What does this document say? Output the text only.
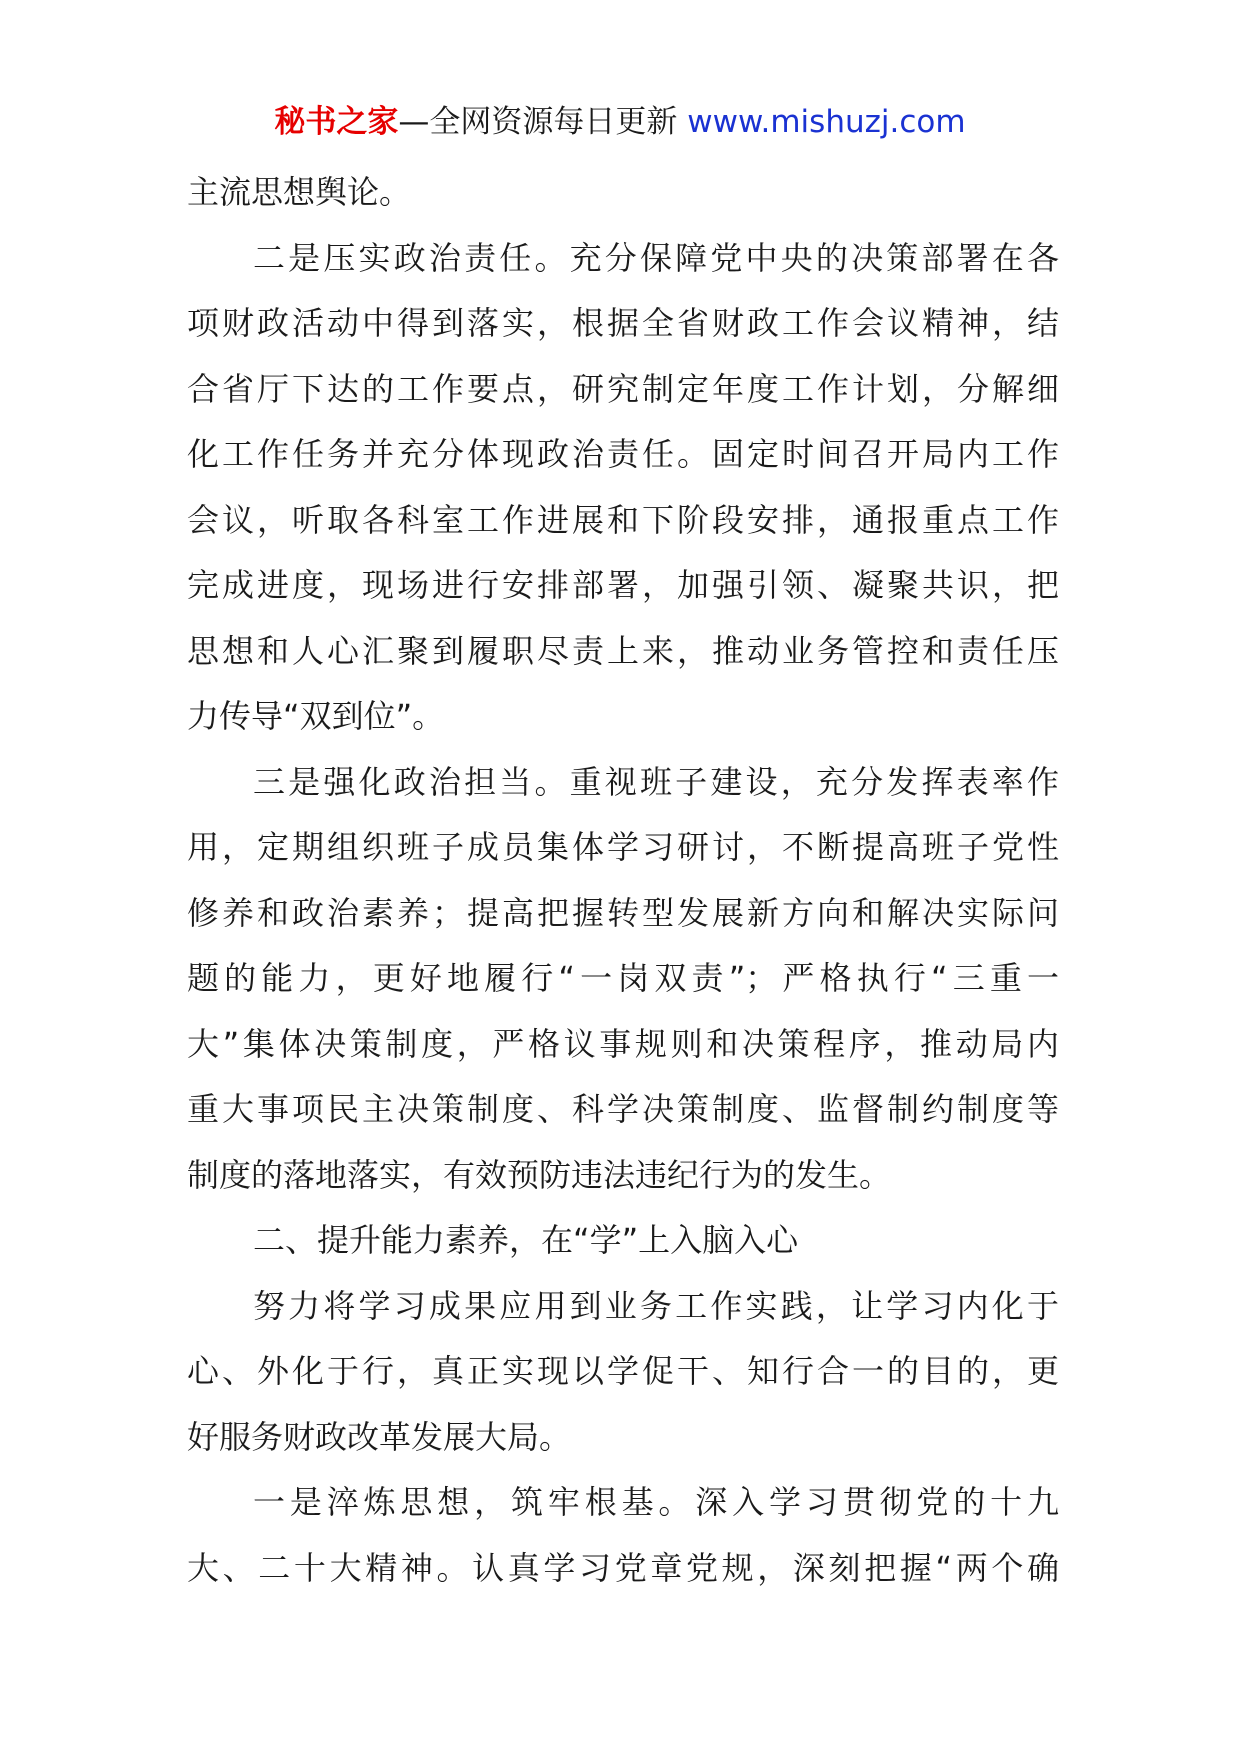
秘书之家—全网资源每日更新 www.mishuzj.com
主流思想舆论。
二是压实政治责任。充分保障党中央的决策部署在各
项财政活动中得到落实，根据全省财政工作会议精神，结
合省厅下达的工作要点，研究制定年度工作计划，分解细
化工作任务并充分体现政治责任。固定时间召开局内工作
会议，听取各科室工作进展和下阶段安排，通报重点工作
完成进度，现场进行安排部署，加强引领、凝聚共识，把
思想和人心汇聚到履职尽责上来，推动业务管控和责任压
力传导“双到位”。
三是强化政治担当。重视班子建设，充分发挥表率作
用，定期组织班子成员集体学习研讨，不断提高班子党性
修养和政治素养；提高把握转型发展新方向和解决实际问
题的能力，更好地履行“一岗双责”；严格执行“三重一
大”集体决策制度，严格议事规则和决策程序，推动局内
重大事项民主决策制度、科学决策制度、监督制约制度等
制度的落地落实，有效预防违法违纪行为的发生。
二、提升能力素养，在“学”上入脑入心
努力将学习成果应用到业务工作实践，让学习内化于
心、外化于行，真正实现以学促干、知行合一的目的，更
好服务财政改革发展大局。
一是淬炼思想，筑牢根基。深入学习贯彻党的十九
大、二十大精神。认真学习党章党规，深刻把握“两个确
